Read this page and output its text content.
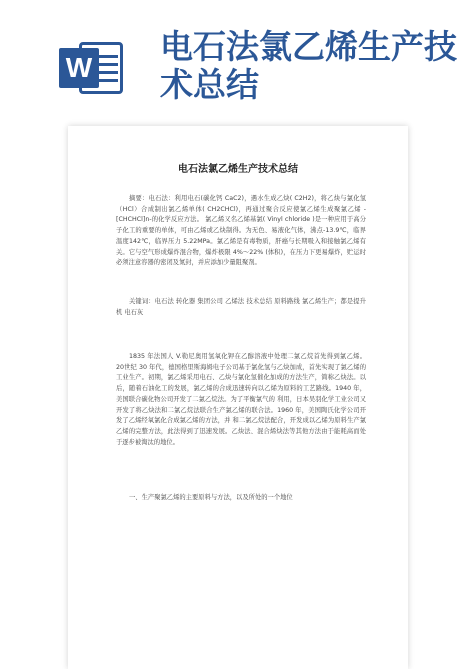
W
电石法氯乙烯生产技术总结
电石法氯乙烯生产技术总结

摘要：电石法：利用电石(碳化钙 CaC2)，遇水生成乙炔( C2H2)，将乙炔与氯化氢（HCl）合成制出氯乙烯单体( CH2CHCl)，再通过聚合反应使氯乙烯生成聚氯乙烯 -[CHCHCl]n-的化学反应方法。 氯乙烯又名乙烯基氯( Vinyl chloride )是一种应用于高分子化工的重要的单体，可由乙烯或乙炔制得。为无色、易液化气体，沸点-13.9℃，临界温度142℃，临界压力 5.22MPa。氯乙烯是有毒物质，肝癌与长期吸入和接触氯乙烯有关。它与空气形成爆炸混合物，爆炸极限 4%～22% (体积)，在压力下更易爆炸，贮运时必须注意容器的密闭及氮封，并应添加少量阻聚剂。

关键词：电石法 转化器 集团公司 乙烯法 技术总结 原料路线 氯乙烯生产；都是提升机 电石灰

1835 年法国人 V.勒尼奥用氢氧化钾在乙醇溶液中处理二氯乙烷首先得到氯乙烯。 20世纪 30 年代，德国格里斯海姆电子公司基于氯化氢与乙炔加成，首先实现了氯乙烯的工业生产。初期，氯乙烯采用电石、乙炔与氯化氢催化加成的方法生产，简称乙炔法。以后，随着石油化工的发展，氯乙烯的合成迅速转向以乙烯为原料的工艺路线。1940 年，美国联合碳化物公司开发了二氯乙烷法。为了平衡氯气的 利用，日本吴羽化学工业公司又开发了将乙炔法和二氯乙烷法联合生产氯乙烯的联合法。1960 年，美国陶氏化学公司开发了乙烯经氧氯化合成氯乙烯的方法，并 和二氯乙烷法配合，开发成以乙烯为原料生产氯乙烯的完整方法，此法得到了迅速发展。乙炔法、混合烯炔法等其他方法由于能耗高而处于逐步被淘汰的地位。

一、生产聚氯乙烯的主要原料与方法，以及所处的一个地位
